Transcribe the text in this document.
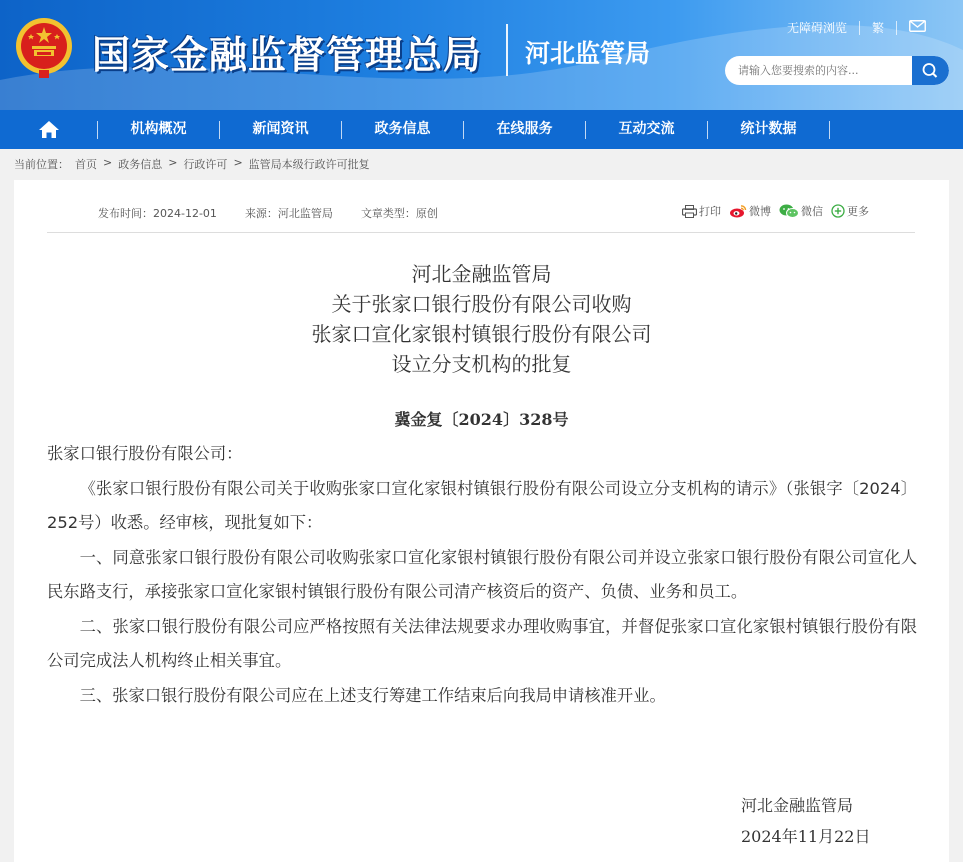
国家金融监督管理总局 河北监管局
无障碍浏览	繁
请输入您要搜索的内容...
机构概况	新闻资讯	政务信息	在线服务	互动交流	统计数据
当前位置： 首页 > 政务信息 > 行政许可 > 监管局本级行政许可批复
发布时间：2024-12-01	来源：河北监管局	文章类型：原创	打印	微博	微信 更多
河北金融监管局
关于张家口银行股份有限公司收购
张家口宣化家银村镇银行股份有限公司
设立分支机构的批复
冀金复〔2024〕328号

张家口银行股份有限公司：

《张家口银行股份有限公司关于收购张家口宣化家银村镇银行股份有限公司设立分支机构的请示》（张银字〔2024〕252号）收悉。经审核，现批复如下：

一、同意张家口银行股份有限公司收购张家口宣化家银村镇银行股份有限公司并设立张家口银行股份有限公司宣化人民东路支行，承接张家口宣化家银村镇银行股份有限公司清产核资后的资产、负债、业务和员工。

二、张家口银行股份有限公司应严格按照有关法律法规要求办理收购事宜，并督促张家口宣化家银村镇银行股份有限公司完成法人机构终止相关事宜。

三、张家口银行股份有限公司应在上述支行筹建工作结束后向我局申请核准开业。

河北金融监管局
2024年11月22日
